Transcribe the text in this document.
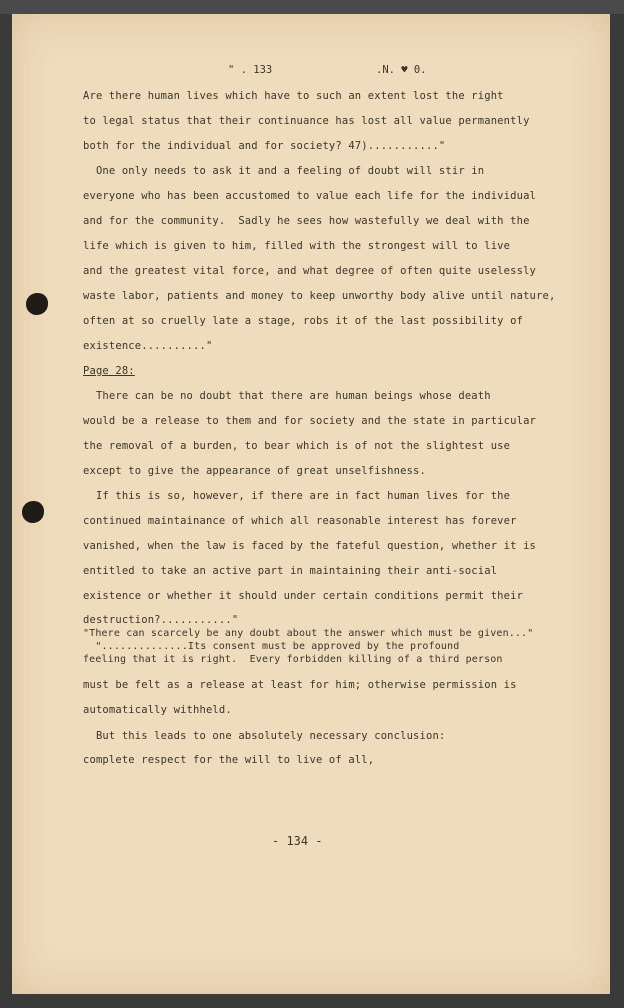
" . 133	.N. ♥ 0.
Are there human lives which have to such an extent lost the right
to legal status that their continuance has lost all value permanently
both for the individual and for society? 47)..........."
One only needs to ask it and a feeling of doubt will stir in
everyone who has been accustomed to value each life for the individual
and for the community.  Sadly he sees how wastefully we deal with the
life which is given to him, filled with the strongest will to live
and the greatest vital force, and what degree of often quite uselessly
waste labor, patients and money to keep unworthy body alive until nature,
often at so cruelly late a stage, robs it of the last possibility of
existence.........."
Page 28:
There can be no doubt that there are human beings whose death
would be a release to them and for society and the state in particular
the removal of a burden, to bear which is of not the slightest use
except to give the appearance of great unselfishness.
If this is so, however, if there are in fact human lives for the
continued maintainance of which all reasonable interest has forever
vanished, when the law is faced by the fateful question, whether it is
entitled to take an active part in maintaining their anti-social
existence or whether it should under certain conditions permit their
destruction?..........."
"There can scarcely be any doubt about the answer which must be given..."
"..............Its consent must be approved by the profound
feeling that it is right.  Every forbidden killing of a third person
must be felt as a release at least for him; otherwise permission is
automatically withheld.
But this leads to one absolutely necessary conclusion:
complete respect for the will to live of all,
- 134 -
